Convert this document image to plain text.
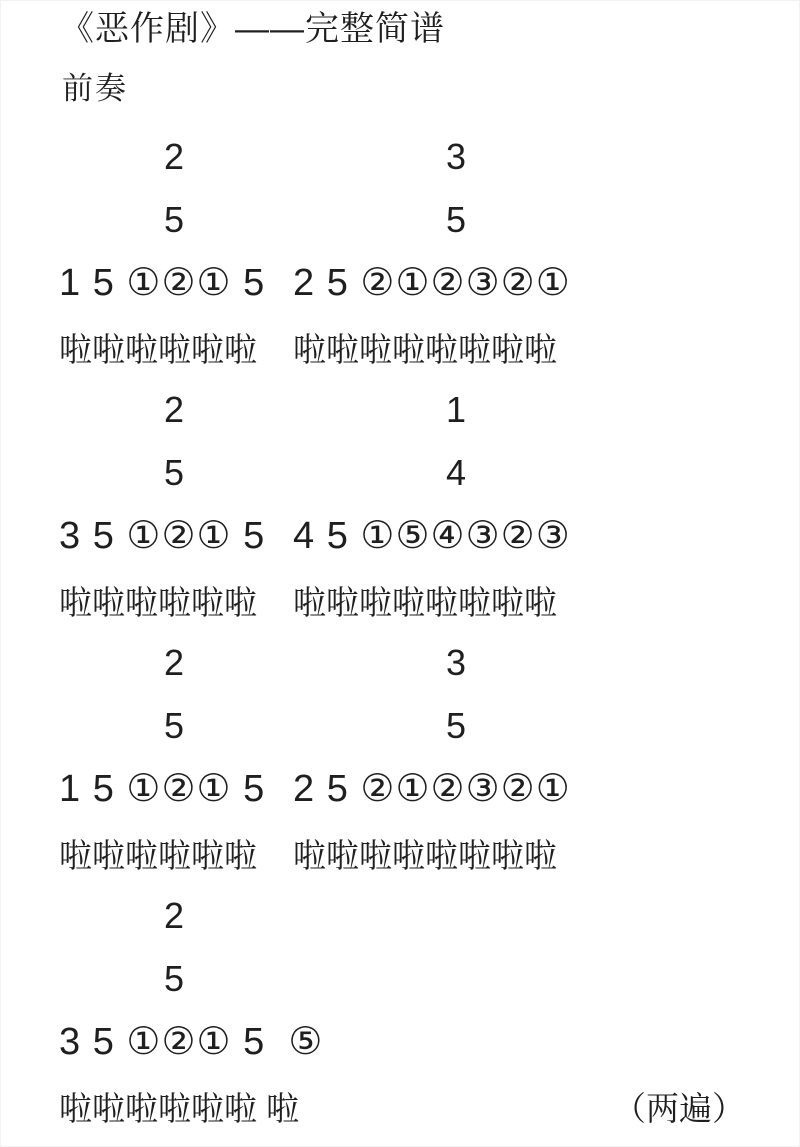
《恶作剧》——完整简谱
前奏
2	3
5	5
1 5 ①②① 5 2 5 ②①②③②①
啦啦啦啦啦啦 啦啦啦啦啦啦啦啦
2	1
5	4
3 5 ①②① 5 4 5 ①⑤④③②③
啦啦啦啦啦啦 啦啦啦啦啦啦啦啦
2	3
5	5
1 5 ①②① 5 2 5 ②①②③②①
啦啦啦啦啦啦 啦啦啦啦啦啦啦啦
2
5
3 5 ①②① 5  ⑤
啦啦啦啦啦啦 啦	（两遍）
